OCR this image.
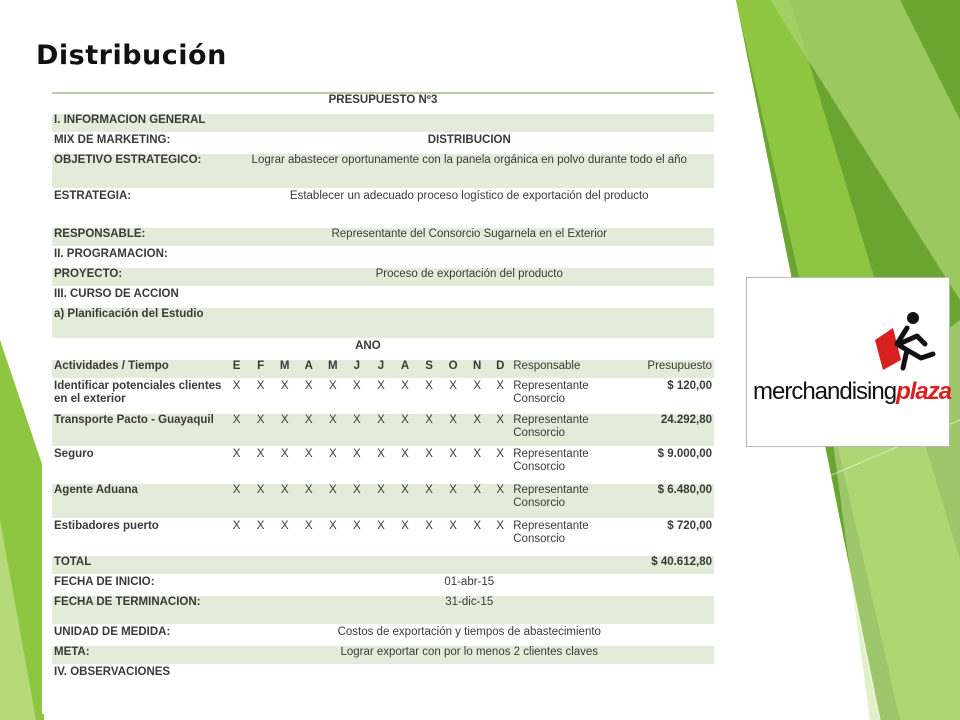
Distribución
PRESUPUESTO Nº3														
I. INFORMACIÓN GENERAL														
MIX DE MARKETING:	DISTRIBUCIÓN													
OBJETIVO ESTRATÉGICO:	Lograr abastecer oportunamente con la panela orgánica en polvo durante todo el año													
ESTRATEGIA:	Establecer un adecuado proceso logístico de exportación del producto													
RESPONSABLE:	Representante del Consorcio Sugarnela en el Exterior													
II. PROGRAMACIÓN:														
PROYECTO:	Proceso de exportación del producto													
III. CURSO DE ACCIÓN														
a) Planificación del Estudio														
	AÑO													
Actividades / Tiempo	E	F	M	A	M	J	J	A	S	O	N	D	Responsable	Presupuesto
Identificar potenciales clientes en el exterior	X	X	X	X	X	X	X	X	X	X	X	X	Representante Consorcio	$ 120,00
Transporte Pacto - Guayaquil	X	X	X	X	X	X	X	X	X	X	X	X	Representante Consorcio	24.292,80
Seguro	X	X	X	X	X	X	X	X	X	X	X	X	Representante Consorcio	$ 9.000,00
Agente Aduana	X	X	X	X	X	X	X	X	X	X	X	X	Representante Consorcio	$ 6.480,00
Estibadores puerto	X	X	X	X	X	X	X	X	X	X	X	X	Representante Consorcio	$ 720,00
TOTAL														$ 40.612,80
FECHA DE INICIO:	01-abr-15													
FECHA DE TERMINACIÓN:	31-dic-15													
UNIDAD DE MEDIDA:	Costos de exportación y tiempos de abastecimiento													
META:	Lograr exportar con por lo menos 2 clientes claves													
IV. OBSERVACIONES														
merchandisingplaza
